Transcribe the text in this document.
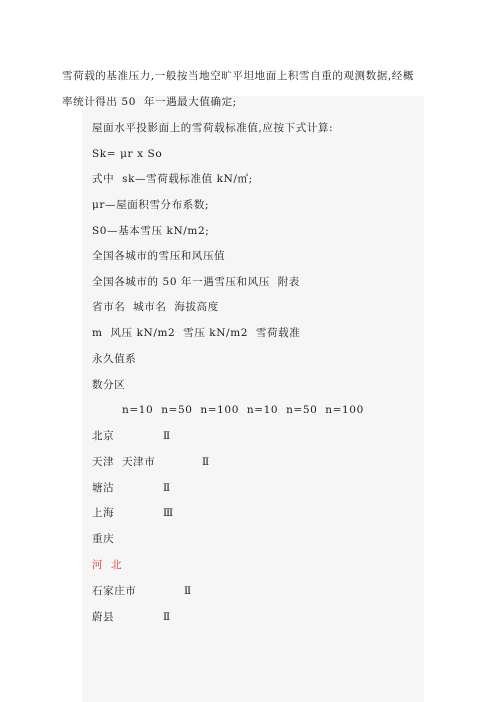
雪荷载的基准压力,一般按当地空旷平坦地面上积雪自重的观测数据,经概
率统计得出 50  年一遇最大值确定;
屋面水平投影面上的雪荷载标准值,应按下式计算:
Sk= μr x So
式中  sk—雪荷载标准值 kN/㎡;
μr—屋面积雪分布系数;
S0—基本雪压 kN/m2;
全国各城市的雪压和风压值
全国各城市的 50 年一遇雪压和风压  附表
省市名  城市名  海拔高度
m  风压 kN/m2  雪压 kN/m2  雪荷载准
永久值系
数分区
n=10  n=50  n=100  n=10  n=50  n=100
北京	Ⅱ
天津  天津市	Ⅱ
塘沽	Ⅱ
上海	Ⅲ
重庆
河  北
石家庄市	Ⅱ
蔚县	Ⅱ
